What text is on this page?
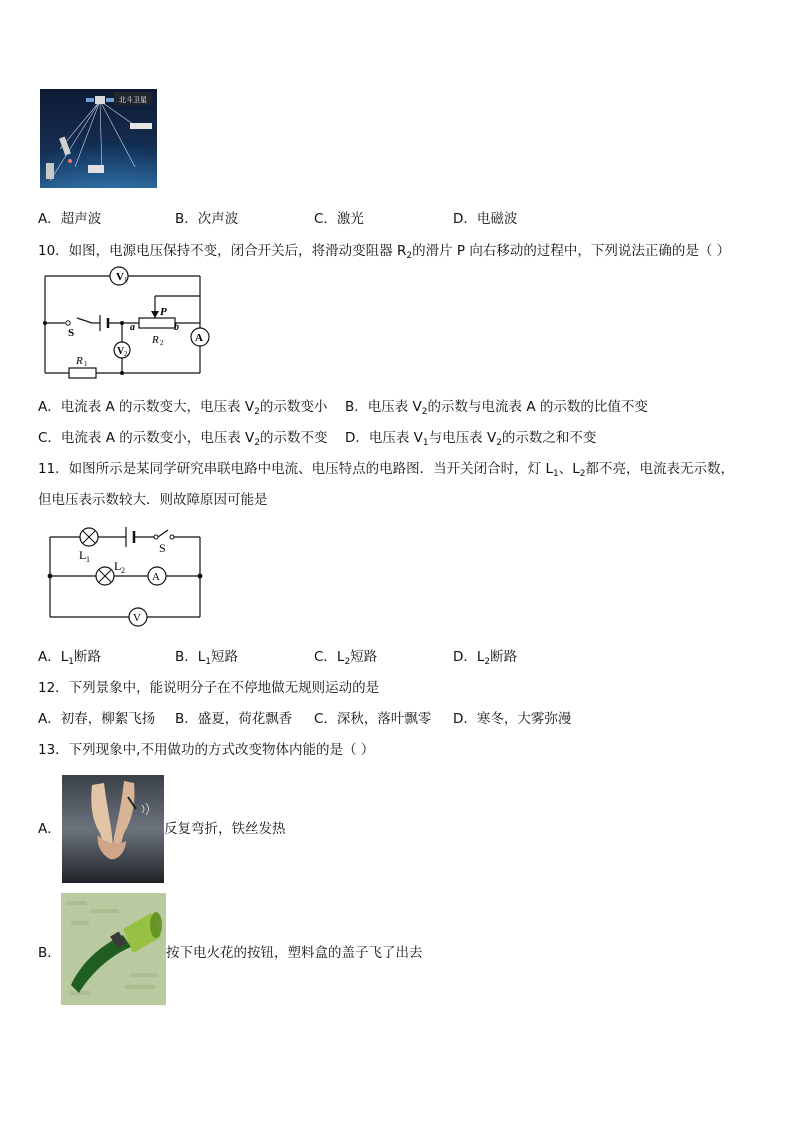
北斗卫星
A．超声波	B．次声波	C．激光	D．电磁波
10．如图，电源电压保持不变，闭合开关后，将滑动变阻器 $R_2$的滑片 P 向右移动的过程中，下列说法正确的是（ ）
V 1
V 2
A
S
P
a	b
R 2
R 1
A．电流表 A 的示数变大，电压表 $V_2$的示数变小 B．电压表 $V_2$的示数与电流表 A 的示数的比值不变
C．电流表 A 的示数变小，电压表 $V_2$的示数不变 D．电压表 $V_1$与电压表 $V_2$的示数之和不变
11．如图所示是某同学研究串联电路中电流、电压特点的电路图．当开关闭合时，灯 $L_1$、$L_2$都不亮，电流表无示数，
但电压表示数较大．则故障原因可能是
A
V
L 1 L 2
S
A．$L_1$断路	B．$L_1$短路	C．$L_2$短路	D．$L_2$断路
12．下列景象中，能说明分子在不停地做无规则运动的是
A．初春，柳絮飞扬 B．盛夏，荷花飘香 C．深秋，落叶飘零 D．寒冬，大雾弥漫
13．下列现象中,不用做功的方式改变物体内能的是（ ）
A．	反复弯折，铁丝发热
B．	按下电火花的按钮，塑料盒的盖子飞了出去
